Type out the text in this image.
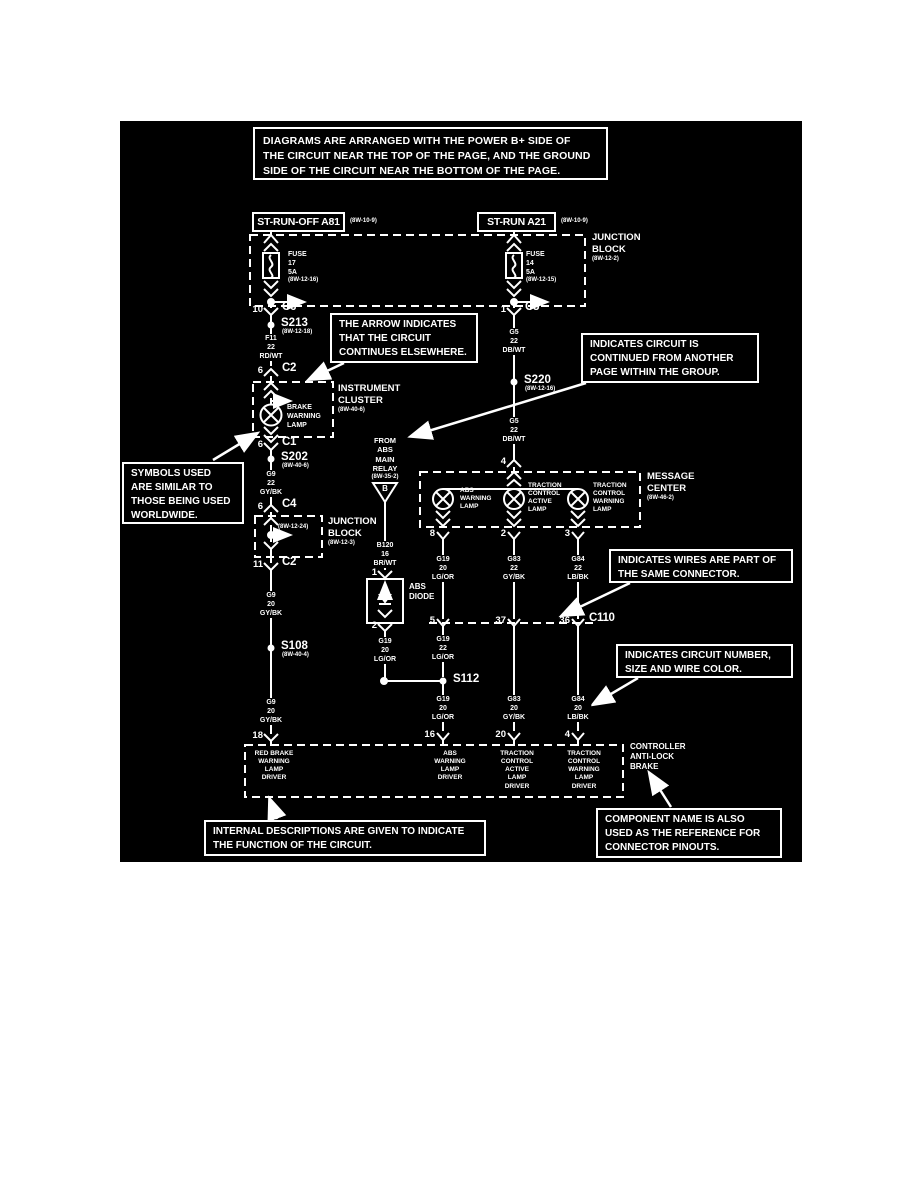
DIAGRAMS ARE ARRANGED WITH THE POWER B+ SIDE OF
THE CIRCUIT NEAR THE TOP OF THE PAGE, AND THE GROUND
SIDE OF THE CIRCUIT NEAR THE BOTTOM OF THE PAGE.
ST-RUN-OFF A81	(8W-10-9)	ST-RUN A21	(8W-10-9)
THE ARROW INDICATES
THAT THE CIRCUIT
CONTINUES ELSEWHERE.
INDICATES CIRCUIT IS
CONTINUED FROM ANOTHER
PAGE WITHIN THE GROUP.
SYMBOLS USED
ARE SIMILAR TO
THOSE BEING USED
WORLDWIDE.
INDICATES WIRES ARE PART OF
THE SAME CONNECTOR.
INDICATES CIRCUIT NUMBER,
SIZE AND WIRE COLOR.
INTERNAL DESCRIPTIONS ARE GIVEN TO INDICATE
THE FUNCTION OF THE CIRCUIT.
COMPONENT NAME IS ALSO
USED AS THE REFERENCE FOR
CONNECTOR PINOUTS.
FUSE
17
5A
(8W-12-16)
FUSE
14
5A
(8W-12-15)
JUNCTION
BLOCK
(8W-12-2)
INSTRUMENT
CLUSTER
(8W-40-6)
BRAKE
WARNING
LAMP
JUNCTION
BLOCK
(8W-12-3)
(8W-12-24)
FROM
ABS
MAIN
RELAY
(8W-35-2)
B
ABS
DIODE
MESSAGE
CENTER
(8W-46-2)
ABS
WARNING
LAMP
TRACTION
CONTROL
ACTIVE
LAMP
TRACTION
CONTROL
WARNING
LAMP
CONTROLLER
ANTI-LOCK
BRAKE
RED BRAKE
WARNING
LAMP
DRIVER
ABS
WARNING
LAMP
DRIVER
TRACTION
CONTROL
ACTIVE
LAMP
DRIVER
TRACTION
CONTROL
WARNING
LAMP
DRIVER
F11
22
RD/WT
G5
22
DB/WT
G5
22
DB/WT
G9
22
GY/BK
G9
20
GY/BK
G9
20
GY/BK
B120
16
BR/WT
G19
20
LG/OR
G19
20
LG/OR
G83
22
GY/BK
G84
22
LB/BK
G19
22
LG/OR
G19
20
LG/OR
G83
20
GY/BK
G84
20
LB/BK
10 C6	1 C5
6 C2
6 C1
6 C4
11 C2
4
8	2	3
5	37	36 C110
1
2
18	16	20	4
S213
(8W-12-18)
S220
(8W-12-16)
S202
(8W-40-6)
S108
(8W-40-4)
S112
